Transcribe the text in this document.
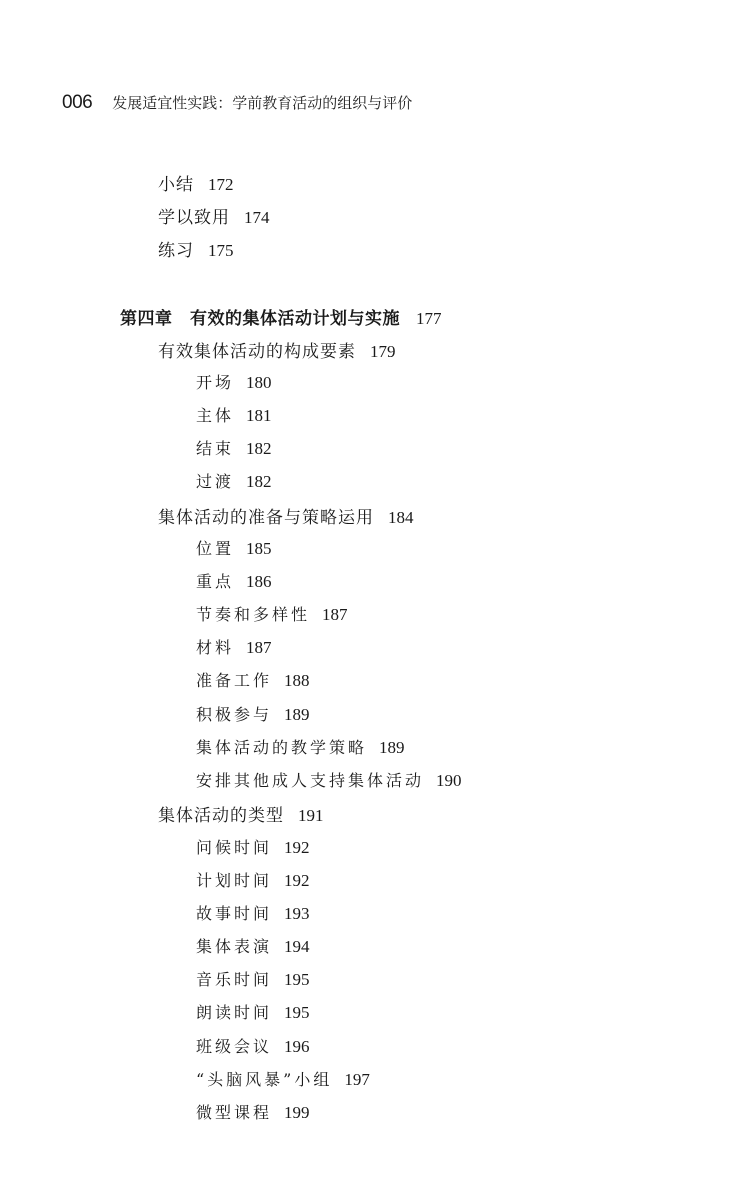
006 发展适宜性实践：学前教育活动的组织与评价
小结 172
学以致用 174
练习 175
第四章　有效的集体活动计划与实施 177
有效集体活动的构成要素 179
开场 180
主体 181
结束 182
过渡 182
集体活动的准备与策略运用 184
位置 185
重点 186
节奏和多样性 187
材料 187
准备工作 188
积极参与 189
集体活动的教学策略 189
安排其他成人支持集体活动 190
集体活动的类型 191
问候时间 192
计划时间 192
故事时间 193
集体表演 194
音乐时间 195
朗读时间 195
班级会议 196
“头脑风暴”小组 197
微型课程 199
